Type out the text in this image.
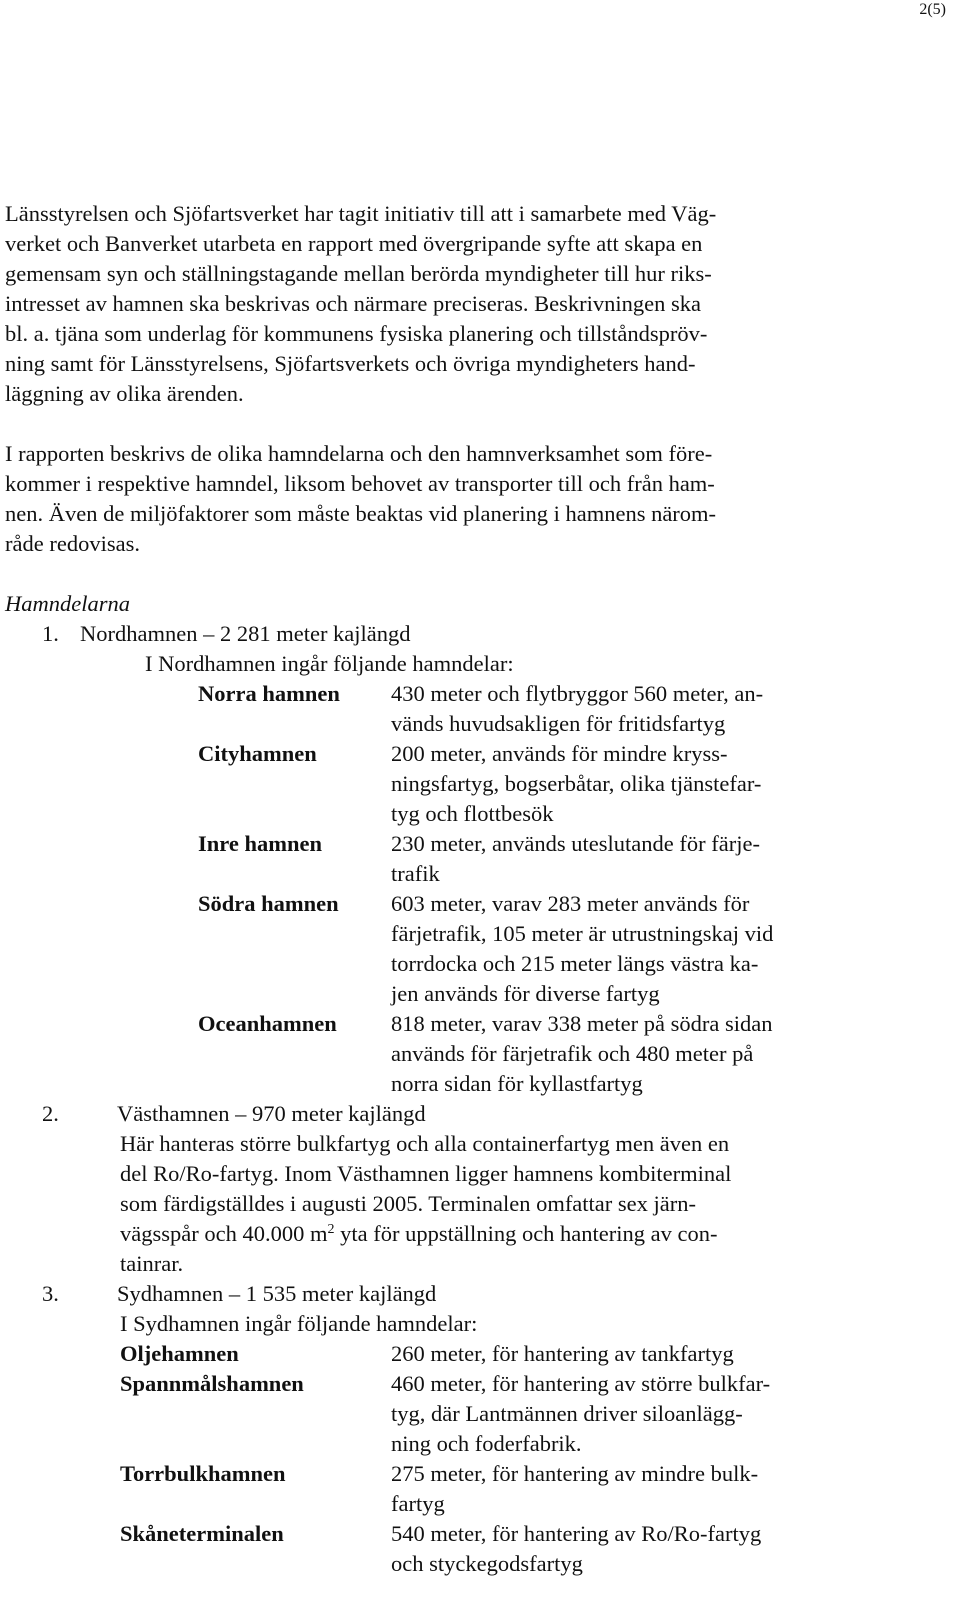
2(5)

Länsstyrelsen och Sjöfartsverket har tagit initiativ till att i samarbete med Väg-
verket och Banverket utarbeta en rapport med övergripande syfte att skapa en
gemensam syn och ställningstagande mellan berörda myndigheter till hur riks-
intresset av hamnen ska beskrivas och närmare preciseras. Beskrivningen ska
bl. a. tjäna som underlag för kommunens fysiska planering och tillståndspröv-
ning samt för Länsstyrelsens, Sjöfartsverkets och övriga myndigheters hand-
läggning av olika ärenden.

I rapporten beskrivs de olika hamndelarna och den hamnverksamhet som före-
kommer i respektive hamndel, liksom behovet av transporter till och från ham-
nen. Även de miljöfaktorer som måste beaktas vid planering i hamnens närom-
råde redovisas.

Hamndelarna

1. Nordhamnen – 2 281 meter kajlängd
I Nordhamnen ingår följande hamndelar:
Norra hamnen	430 meter och flytbryggor 560 meter, an-
vänds huvudsakligen för fritidsfartyg
Cityhamnen	200 meter, används för mindre kryss-
ningsfartyg, bogserbåtar, olika tjänstefar-
tyg och flottbesök
Inre hamnen	230 meter, används uteslutande för färje-
trafik
Södra hamnen	603 meter, varav 283 meter används för
färjetrafik, 105 meter är utrustningskaj vid
torrdocka och 215 meter längs västra ka-
jen används för diverse fartyg
Oceanhamnen	818 meter, varav 338 meter på södra sidan
används för färjetrafik och 480 meter på
norra sidan för kyllastfartyg
2.	Västhamnen – 970 meter kajlängd
Här hanteras större bulkfartyg och alla containerfartyg men även en
del Ro/Ro-fartyg. Inom Västhamnen ligger hamnens kombiterminal
som färdigställdes i augusti 2005. Terminalen omfattar sex järn-
vägsspår och 40.000 $m^2$ yta för uppställning och hantering av con-
tainrar.
3.	Sydhamnen – 1 535 meter kajlängd
I Sydhamnen ingår följande hamndelar:
Oljehamnen	260 meter, för hantering av tankfartyg
Spannmålshamnen	460 meter, för hantering av större bulkfar-
tyg, där Lantmännen driver siloanlägg-
ning och foderfabrik.
Torrbulkhamnen	275 meter, för hantering av mindre bulk-
fartyg
Skåneterminalen	540 meter, för hantering av Ro/Ro-fartyg
och styckegodsfartyg
